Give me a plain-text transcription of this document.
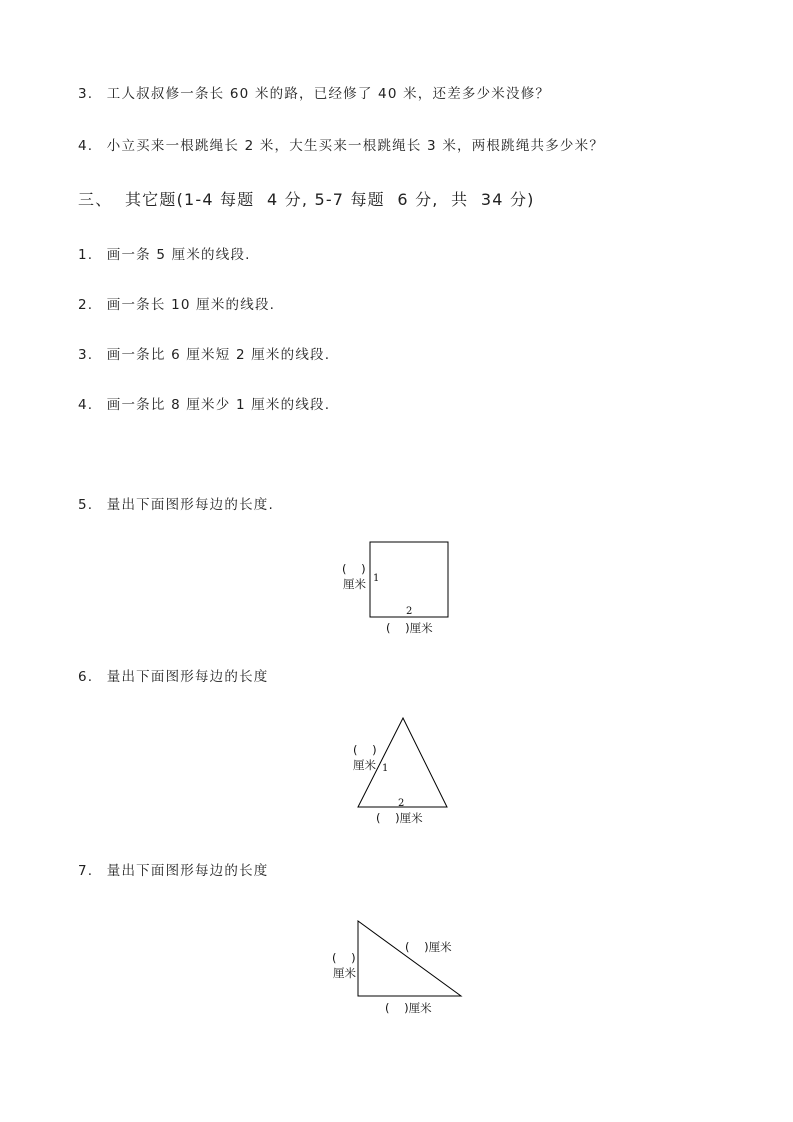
3. 工人叔叔修一条长 60 米的路，已经修了 40 米，还差多少米没修？
4. 小立买来一根跳绳长 2 米，大生买来一根跳绳长 3 米，两根跳绳共多少米？
三、  其它题(1-4 每题  4 分, 5-7 每题  6 分,  共  34 分)
1. 画一条 5 厘米的线段.
2. 画一条长 10 厘米的线段.
3. 画一条比 6 厘米短 2 厘米的线段.
4. 画一条比 8 厘米少 1 厘米的线段.
5. 量出下面图形每边的长度.
(    )
厘米 1
2
(    )厘米
6. 量出下面图形每边的长度
(    )
厘米 1
2
(    )厘米
7. 量出下面图形每边的长度
(    )
厘米
(    )厘米
(    )厘米
